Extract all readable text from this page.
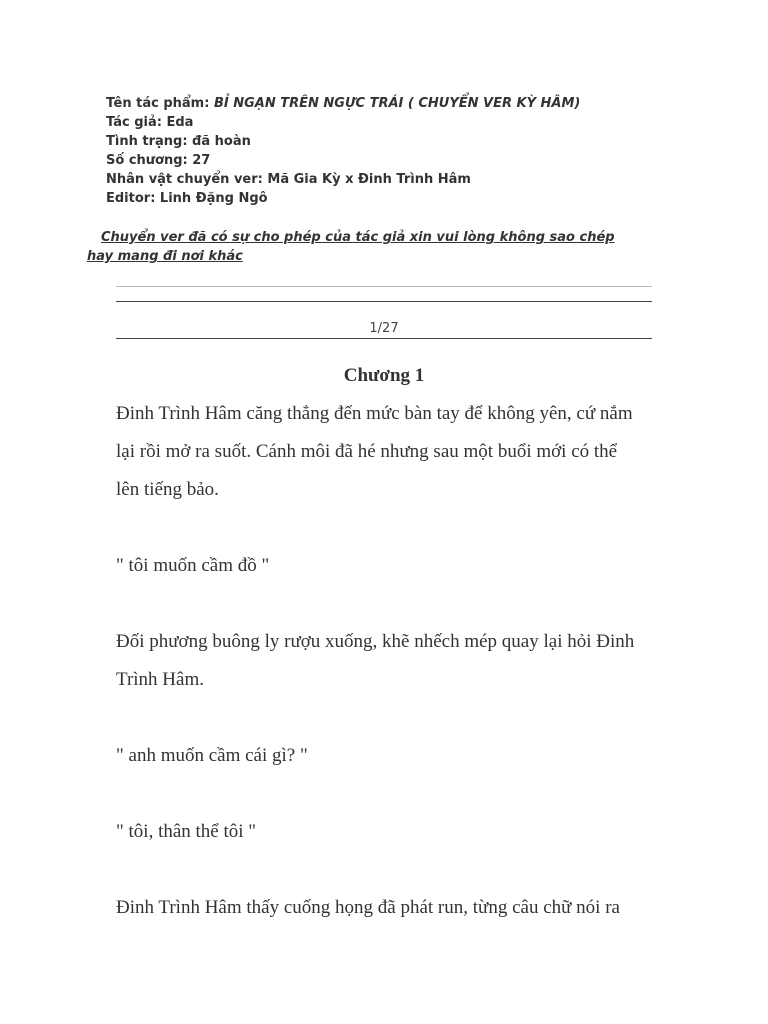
Tên tác phẩm: BỈ NGẠN TRÊN NGỰC TRÁI ( CHUYỂN VER KỲ HÂM)
Tác giả: Eda
Tình trạng: đã hoàn
Số chương: 27
Nhân vật chuyển ver: Mã Gia Kỳ x Đinh Trình Hâm
Editor: Linh Đặng Ngô
Chuyển ver đã có sự cho phép của tác giả xin vui lòng không sao chép
hay mang đi nơi khác
1/27
Chương 1

Đinh Trình Hâm căng thẳng đến mức bàn tay để không yên, cứ nắm
lại rồi mở ra suốt. Cánh môi đã hé nhưng sau một buổi mới có thể
lên tiếng bảo.

" tôi muốn cầm đồ "

Đối phương buông ly rượu xuống, khẽ nhếch mép quay lại hỏi Đinh
Trình Hâm.

" anh muốn cầm cái gì? "

" tôi, thân thể tôi "

Đinh Trình Hâm thấy cuống họng đã phát run, từng câu chữ nói ra
